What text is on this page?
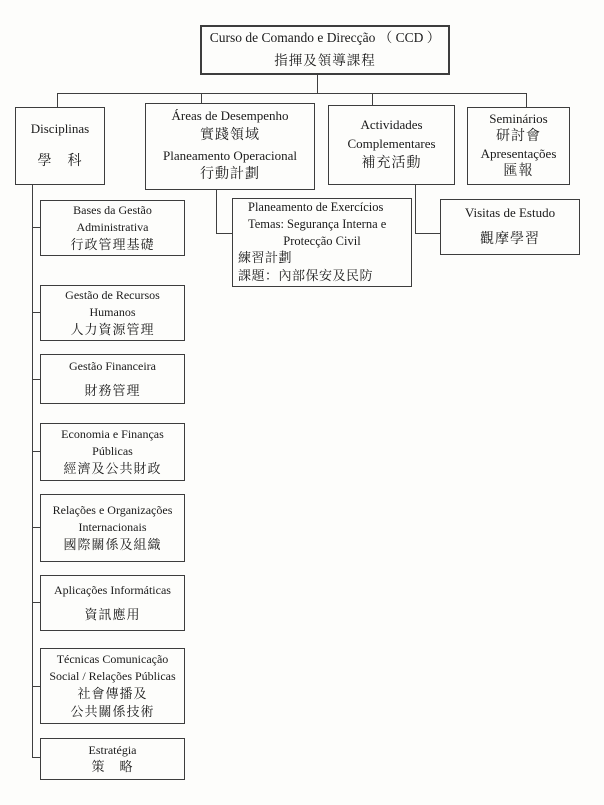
Curso de Comando e Direcção （ CCD ）
指揮及領導課程
Disciplinas
學　科
Áreas de Desempenho
實踐領域
Planeamento Operacional
行動計劃
Actividades
Complementares
補充活動
Seminários
研討會
Apresentações
匯報
Planeamento de Exercícios
Temas: Segurança Interna e
Protecção Civil
練習計劃
課題：內部保安及民防
Visitas de Estudo
觀摩學習
Bases da Gestão
Administrativa
行政管理基礎
Gestão de Recursos
Humanos
人力資源管理
Gestão Financeira
財務管理
Economia e Finanças
Públicas
經濟及公共財政
Relações e Organizações
Internacionais
國際關係及組織
Aplicações Informáticas
資訊應用
Técnicas Comunicação
Social / Relações Públicas
社會傳播及
公共關係技術
Estratégia
策　略
